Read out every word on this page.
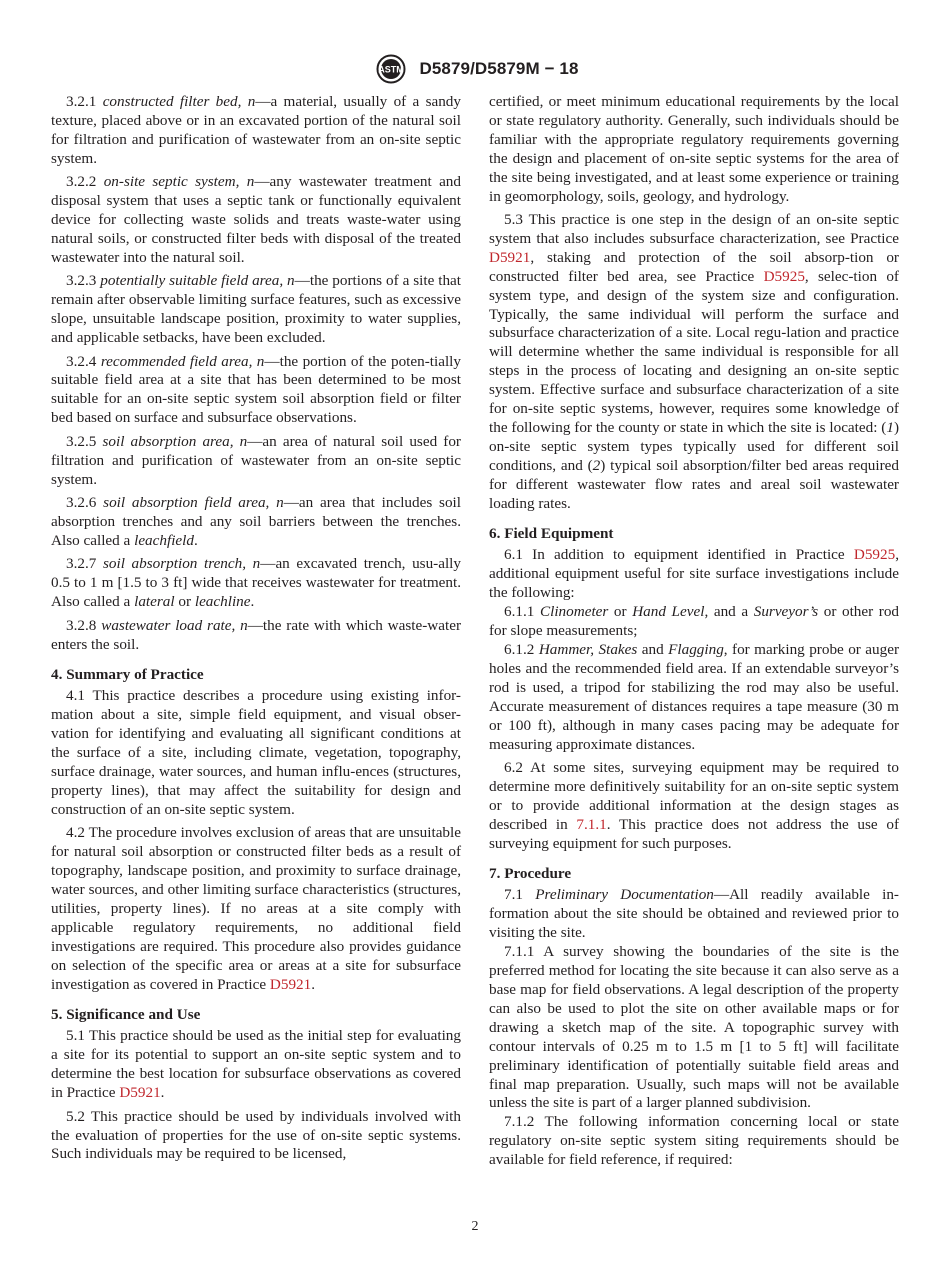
ASTM D5879/D5879M − 18

3.2.1 constructed filter bed, n—a material, usually of a sandy texture, placed above or in an excavated portion of the natural soil for filtration and purification of wastewater from an on-site septic system.

3.2.2 on-site septic system, n—any wastewater treatment and disposal system that uses a septic tank or functionally equivalent device for collecting waste solids and treats waste-water using natural soils, or constructed filter beds with disposal of the treated wastewater into the natural soil.

3.2.3 potentially suitable field area, n—the portions of a site that remain after observable limiting surface features, such as excessive slope, unsuitable landscape position, proximity to water supplies, and applicable setbacks, have been excluded.

3.2.4 recommended field area, n—the portion of the poten-tially suitable field area at a site that has been determined to be most suitable for an on-site septic system soil absorption field or filter bed based on surface and subsurface observations.

3.2.5 soil absorption area, n—an area of natural soil used for filtration and purification of wastewater from an on-site septic system.

3.2.6 soil absorption field area, n—an area that includes soil absorption trenches and any soil barriers between the trenches. Also called a leachfield.

3.2.7 soil absorption trench, n—an excavated trench, usu-ally 0.5 to 1 m [1.5 to 3 ft] wide that receives wastewater for treatment. Also called a lateral or leachline.

3.2.8 wastewater load rate, n—the rate with which waste-water enters the soil.

4. Summary of Practice

4.1 This practice describes a procedure using existing infor-mation about a site, simple field equipment, and visual obser-vation for identifying and evaluating all significant conditions at the surface of a site, including climate, vegetation, topography, surface drainage, water sources, and human influ-ences (structures, property lines), that may affect the suitability for design and construction of an on-site septic system.

4.2 The procedure involves exclusion of areas that are unsuitable for natural soil absorption or constructed filter beds as a result of topography, landscape position, and proximity to surface drainage, water sources, and other limiting surface characteristics (structures, utilities, property lines). If no areas at a site comply with applicable regulatory requirements, no additional field investigations are required. This procedure also provides guidance on selection of the specific area or areas at a site for subsurface investigation as covered in Practice D5921.

5. Significance and Use

5.1 This practice should be used as the initial step for evaluating a site for its potential to support an on-site septic system and to determine the best location for subsurface observations as covered in Practice D5921.

5.2 This practice should be used by individuals involved with the evaluation of properties for the use of on-site septic systems. Such individuals may be required to be licensed,

certified, or meet minimum educational requirements by the local or state regulatory authority. Generally, such individuals should be familiar with the appropriate regulatory requirements governing the design and placement of on-site septic systems for the area of the site being investigated, and at least some experience or training in geomorphology, soils, geology, and hydrology.

5.3 This practice is one step in the design of an on-site septic system that also includes subsurface characterization, see Practice D5921, staking and protection of the soil absorp-tion or constructed filter bed area, see Practice D5925, selec-tion of system type, and design of the system size and configuration. Typically, the same individual will perform the surface and subsurface characterization of a site. Local regu-lation and practice will determine whether the same individual is responsible for all steps in the process of locating and designing an on-site septic system. Effective surface and subsurface characterization of a site for on-site septic systems, however, requires some knowledge of the following for the county or state in which the site is located: (1) on-site septic system types typically used for different soil conditions, and (2) typical soil absorption/filter bed areas required for different wastewater flow rates and areal soil wastewater loading rates.

6. Field Equipment

6.1 In addition to equipment identified in Practice D5925, additional equipment useful for site surface investigations include the following:

6.1.1 Clinometer or Hand Level, and a Surveyor’s or other rod for slope measurements;

6.1.2 Hammer, Stakes and Flagging, for marking probe or auger holes and the recommended field area. If an extendable surveyor’s rod is used, a tripod for stabilizing the rod may also be useful. Accurate measurement of distances requires a tape measure (30 m or 100 ft), although in many cases pacing may be adequate for measuring approximate distances.

6.2 At some sites, surveying equipment may be required to determine more definitively suitability for an on-site septic system or to provide additional information at the design stages as described in 7.1.1. This practice does not address the use of surveying equipment for such purposes.

7. Procedure

7.1 Preliminary Documentation—All readily available in-formation about the site should be obtained and reviewed prior to visiting the site.

7.1.1 A survey showing the boundaries of the site is the preferred method for locating the site because it can also serve as a base map for field observations. A legal description of the property can also be used to plot the site on other available maps or for drawing a sketch map of the site. A topographic survey with contour intervals of 0.25 m to 1.5 m [1 to 5 ft] will facilitate preliminary identification of potentially suitable field areas and final map preparation. Usually, such maps will not be available unless the site is part of a larger planned subdivision.

7.1.2 The following information concerning local or state regulatory on-site septic system siting requirements should be available for field reference, if required:

2
